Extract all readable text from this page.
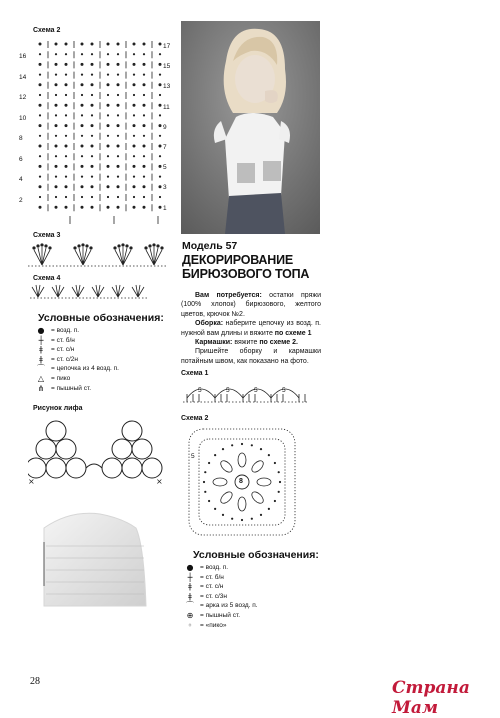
Схема 2
16
14
12
10
8
6
4
2
17
15
13
11
9
7
5
3
1
Схема 3
Схема 4
Условные обозначения:
●	= возд. п.
┼	= ст. б/н
ǂ	= ст. с/н
ǂ	= ст. с/2н
⌒ = цепочка из 4 возд. п.
△	= пико
⋔	= пышный ст.
Рисунок лифа
×	×
28
Модель 57
ДЕКОРИРОВАНИЕ
БИРЮЗОВОГО ТОПА
Вам потребуется: остатки пряжи (100% хлопок) бирюзового, желтого цветов, крючок №2.
Оборка: наберите цепочку из возд. п. нужной вам длины и вяжите по схеме 1
Кармашки: вяжите по схеме 2.
Пришейте оборку и кармашки потайным швом, как показано на фото.
Схема 1
5	5	5	5
Схема 2
8
5
Условные обозначения:
●	= возд. п.
┼	= ст. б/н
ǂ	= ст. с/н
ǂ	= ст. с/3н
⌒ = арка из 5 возд. п.
⊕	= пышный ст.
◦	= «пико»
Страна Мам
